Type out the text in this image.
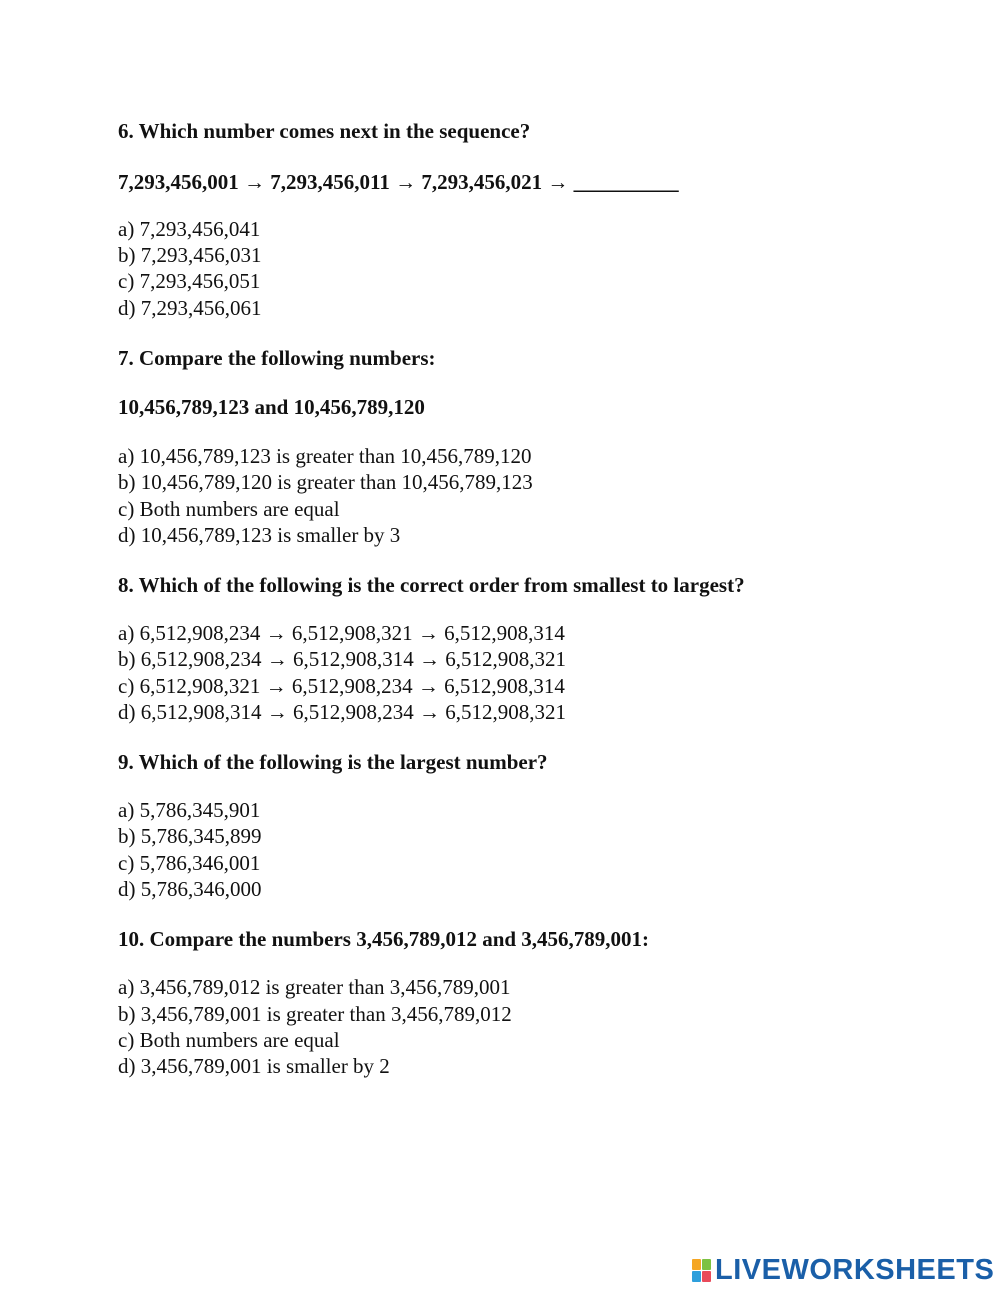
6. Which number comes next in the sequence?
7,293,456,001 → 7,293,456,011 → 7,293,456,021 → __________
a) 7,293,456,041
b) 7,293,456,031
c) 7,293,456,051
d) 7,293,456,061
7. Compare the following numbers:
10,456,789,123 and 10,456,789,120
a) 10,456,789,123 is greater than 10,456,789,120
b) 10,456,789,120 is greater than 10,456,789,123
c) Both numbers are equal
d) 10,456,789,123 is smaller by 3
8. Which of the following is the correct order from smallest to largest?
a) 6,512,908,234 → 6,512,908,321 → 6,512,908,314
b) 6,512,908,234 → 6,512,908,314 → 6,512,908,321
c) 6,512,908,321 → 6,512,908,234 → 6,512,908,314
d) 6,512,908,314 → 6,512,908,234 → 6,512,908,321
9. Which of the following is the largest number?
a) 5,786,345,901
b) 5,786,345,899
c) 5,786,346,001
d) 5,786,346,000
10. Compare the numbers 3,456,789,012 and 3,456,789,001:
a) 3,456,789,012 is greater than 3,456,789,001
b) 3,456,789,001 is greater than 3,456,789,012
c) Both numbers are equal
d) 3,456,789,001 is smaller by 2
LIVEWORKSHEETS
